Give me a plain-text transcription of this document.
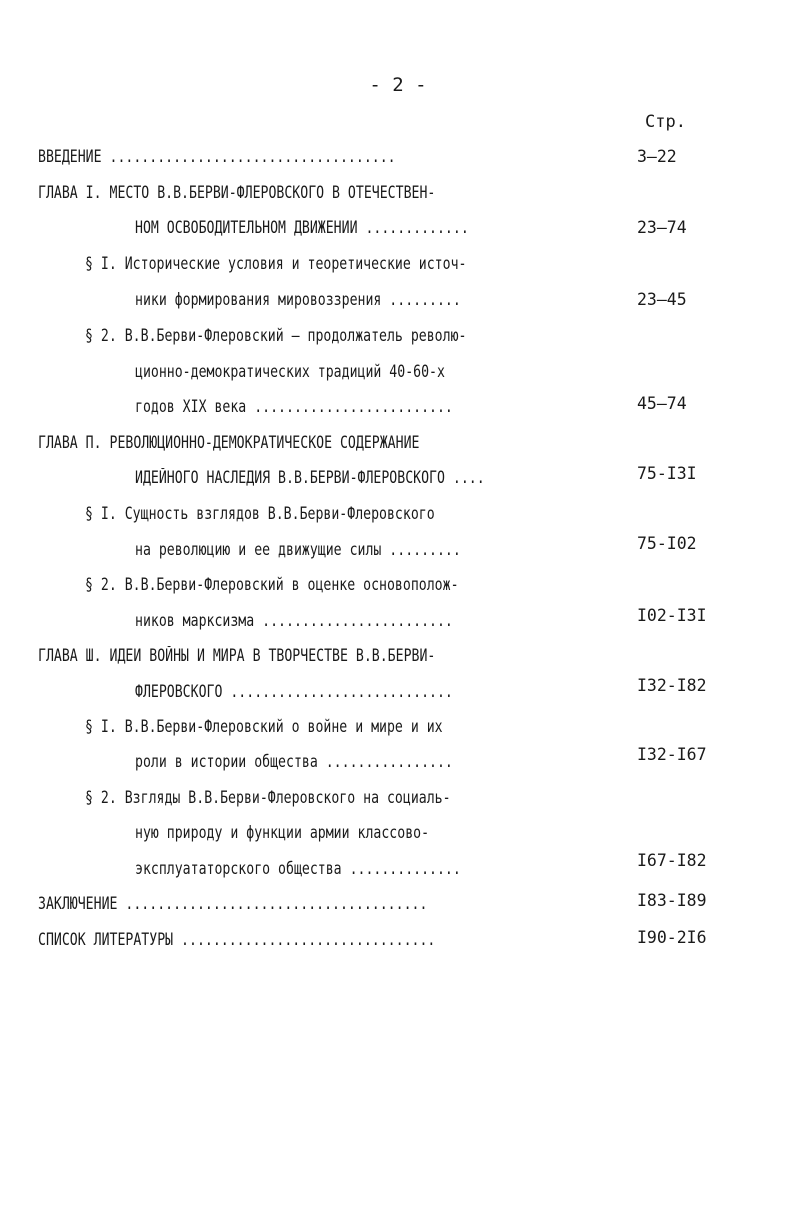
- 2 -
Стр.
ВВЕДЕНИЕ ....................................	3–22
ГЛАВА I. МЕСТО В.В.БЕРВИ-ФЛЕРОВСКОГО В ОТЕЧЕСТВЕН-
НОМ ОСВОБОДИТЕЛЬНОМ ДВИЖЕНИИ .............	23–74
§ I. Исторические условия и теоретические источ-
ники формирования мировоззрения .........	23–45
§ 2. В.В.Берви-Флеровский – продолжатель револю-
ционно-демократических традиций 40-60-х
годов XIX века .........................	45–74
ГЛАВА П. РЕВОЛЮЦИОННО-ДЕМОКРАТИЧЕСКОЕ СОДЕРЖАНИЕ
ИДЕЙНОГО НАСЛЕДИЯ В.В.БЕРВИ-ФЛЕРОВСКОГО ....	75-I3I
§ I. Сущность взглядов В.В.Берви-Флеровского
на революцию и ее движущие силы .........	75-I02
§ 2. В.В.Берви-Флеровский в оценке основополож-
ников марксизма ........................	I02-I3I
ГЛАВА Ш. ИДЕИ ВОЙНЫ И МИРА В ТВОРЧЕСТВЕ В.В.БЕРВИ-
ФЛЕРОВСКОГО ............................	I32-I82
§ I. В.В.Берви-Флеровский о войне и мире и их
роли в истории общества ................	I32-I67
§ 2. Взгляды В.В.Берви-Флеровского на социаль-
ную природу и функции армии классово-
эксплуататорского общества ..............	I67-I82
ЗАКЛЮЧЕНИЕ ......................................	I83-I89
СПИСОК ЛИТЕРАТУРЫ ................................	I90-2I6
